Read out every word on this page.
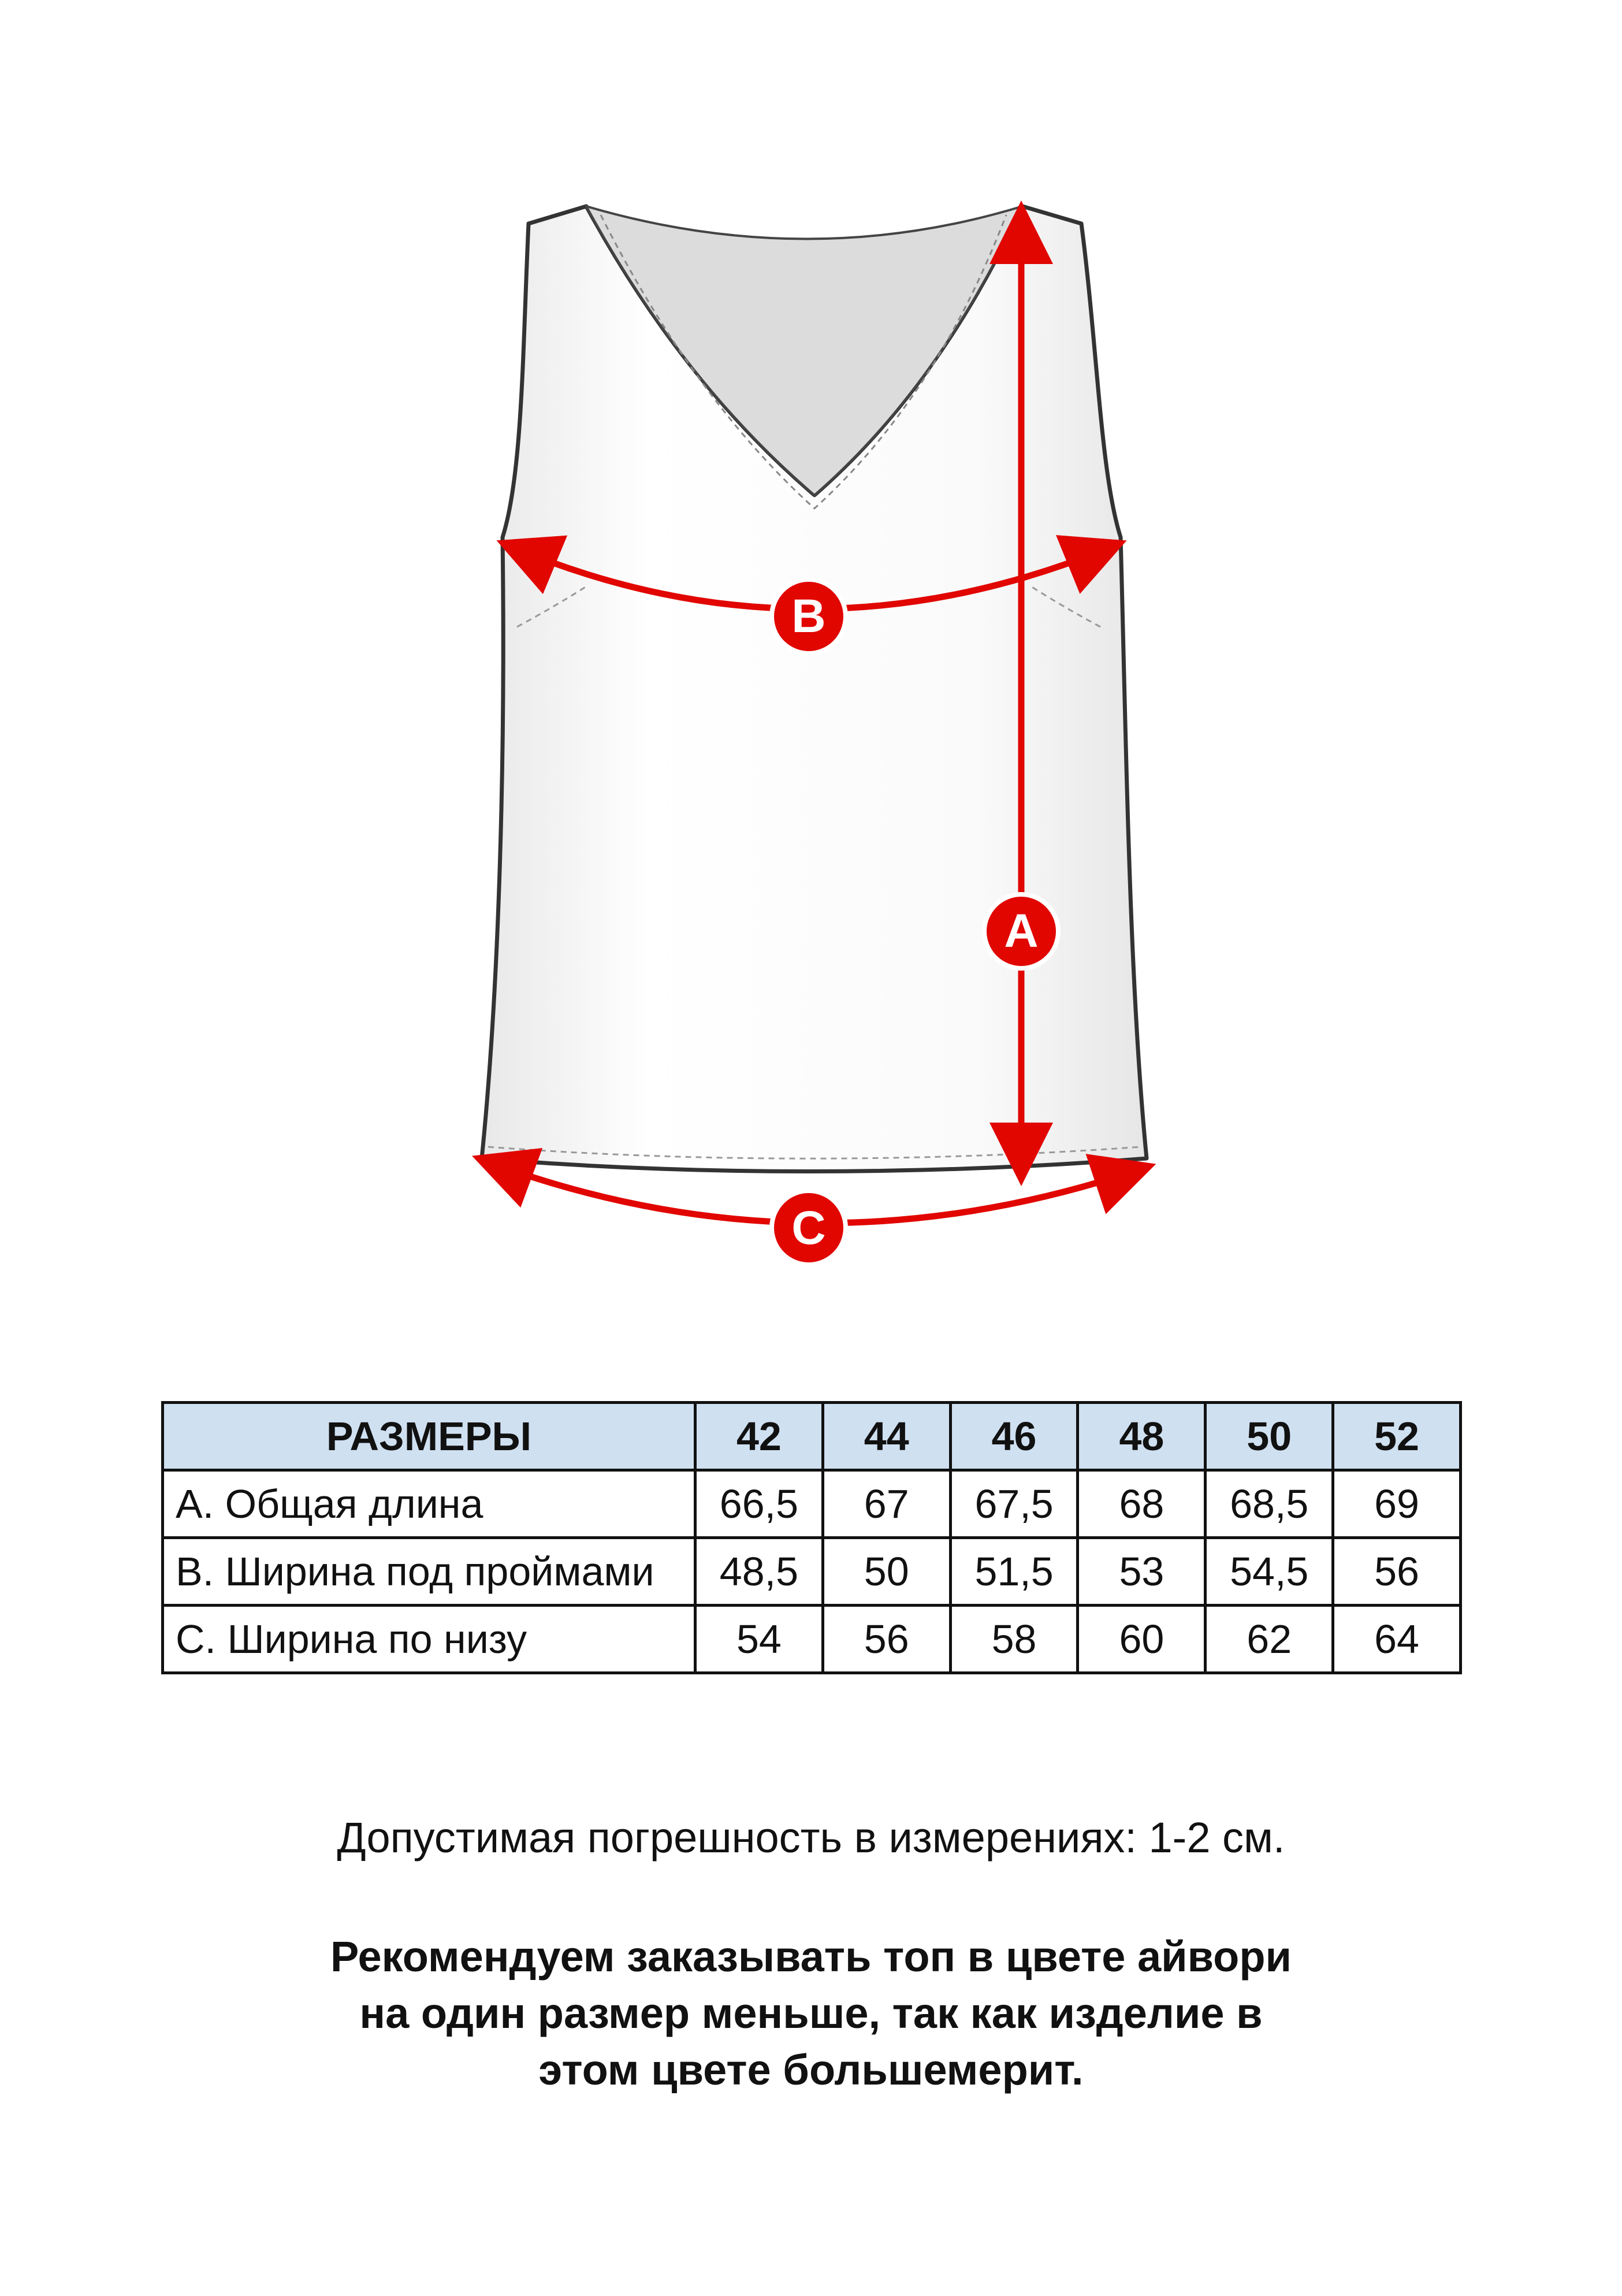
B
A
C
РАЗМЕРЫ	42	44	46	48	50	52
А. Общая длина	66,5	67	67,5	68	68,5	69
В. Ширина под проймами	48,5	50	51,5	53	54,5	56
С. Ширина по низу	54	56	58	60	62	64
Допустимая погрешность в измерениях: 1-2 см.
Рекомендуем заказывать топ в цвете айвори
на один размер меньше, так как изделие в
этом цвете большемерит.
